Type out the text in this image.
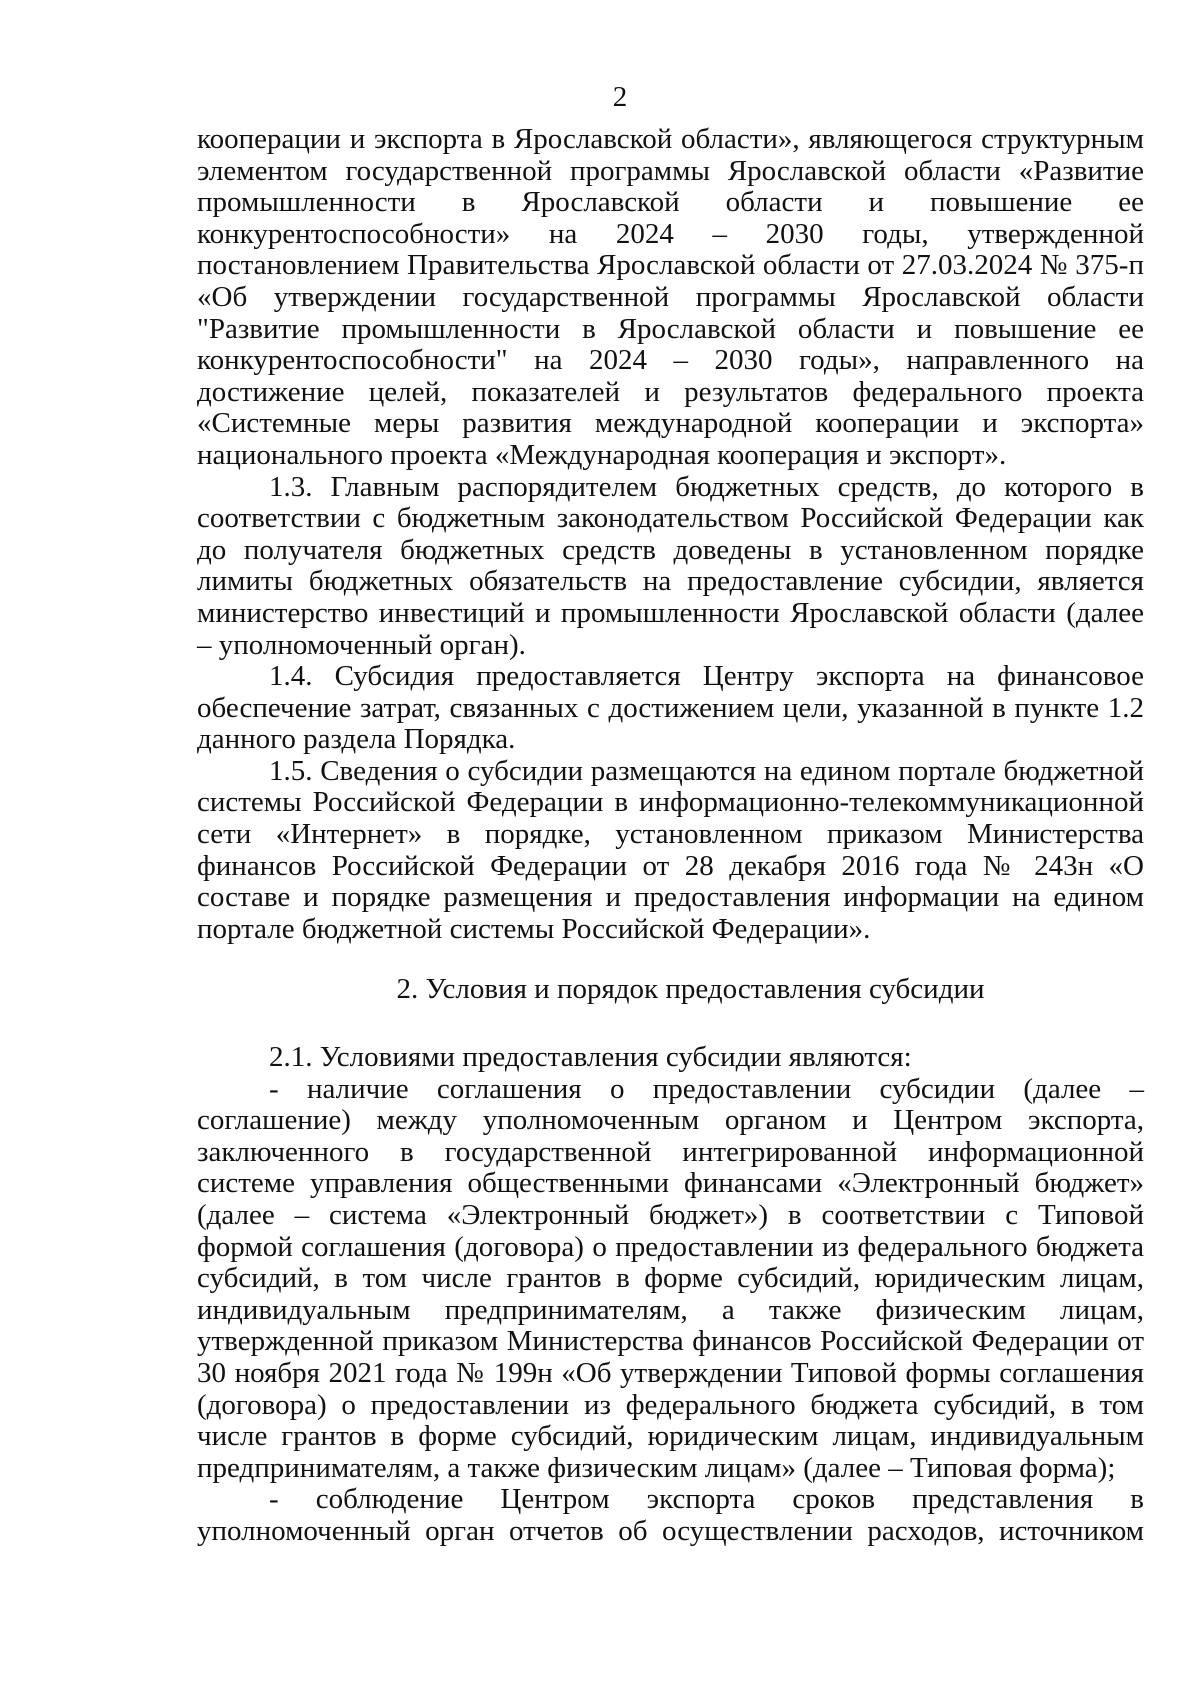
2

кооперации и экспорта в Ярославской области», являющегося структурным элементом государственной программы Ярославской области «Развитие промышленности в Ярославской области и повышение ее конкурентоспособности» на 2024 – 2030 годы, утвержденной постановлением Правительства Ярославской области от 27.03.2024 № 375-п «Об утверждении государственной программы Ярославской области "Развитие промышленности в Ярославской области и повышение ее конкурентоспособности" на 2024 – 2030 годы», направленного на достижение целей, показателей и результатов федерального проекта «Системные меры развития международной кооперации и экспорта» национального проекта «Международная кооперация и экспорт».

1.3. Главным распорядителем бюджетных средств, до которого в соответствии с бюджетным законодательством Российской Федерации как до получателя бюджетных средств доведены в установленном порядке лимиты бюджетных обязательств на предоставление субсидии, является министерство инвестиций и промышленности Ярославской области (далее – уполномоченный орган).

1.4. Субсидия предоставляется Центру экспорта на финансовое обеспечение затрат, связанных с достижением цели, указанной в пункте 1.2 данного раздела Порядка.

1.5. Сведения о субсидии размещаются на едином портале бюджетной системы Российской Федерации в информационно-телекоммуникационной сети «Интернет» в порядке, установленном приказом Министерства финансов Российской Федерации от 28 декабря 2016 года № 243н «О составе и порядке размещения и предоставления информации на едином портале бюджетной системы Российской Федерации».

2. Условия и порядок предоставления субсидии

2.1. Условиями предоставления субсидии являются:

- наличие соглашения о предоставлении субсидии (далее – соглашение) между уполномоченным органом и Центром экспорта, заключенного в государственной интегрированной информационной системе управления общественными финансами «Электронный бюджет» (далее – система «Электронный бюджет») в соответствии с Типовой формой соглашения (договора) о предоставлении из федерального бюджета субсидий, в том числе грантов в форме субсидий, юридическим лицам, индивидуальным предпринимателям, а также физическим лицам, утвержденной приказом Министерства финансов Российской Федерации от 30 ноября 2021 года № 199н «Об утверждении Типовой формы соглашения (договора) о предоставлении из федерального бюджета субсидий, в том числе грантов в форме субсидий, юридическим лицам, индивидуальным предпринимателям, а также физическим лицам» (далее – Типовая форма);

- соблюдение Центром экспорта сроков представления в уполномоченный орган отчетов об осуществлении расходов, источником
